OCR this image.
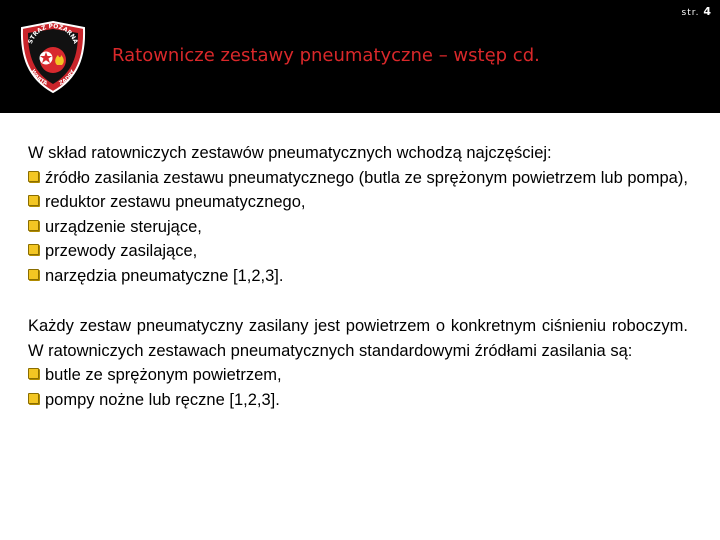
str. 4
STRAŻ POŻARNA
WARTA ZADRY
Ratownicze zestawy pneumatyczne – wstęp cd.

W skład ratowniczych zestawów pneumatycznych wchodzą najczęściej:

źródło zasilania zestawu pneumatycznego (butla ze sprężonym powietrzem lub pompa),

reduktor zestawu pneumatycznego,

urządzenie sterujące,

przewody zasilające,

narzędzia pneumatyczne [1,2,3].

Każdy zestaw pneumatyczny zasilany jest powietrzem o konkretnym ciśnieniu roboczym. W ratowniczych zestawach pneumatycznych standardowymi źródłami zasilania są:

butle ze sprężonym powietrzem,

pompy nożne lub ręczne [1,2,3].
